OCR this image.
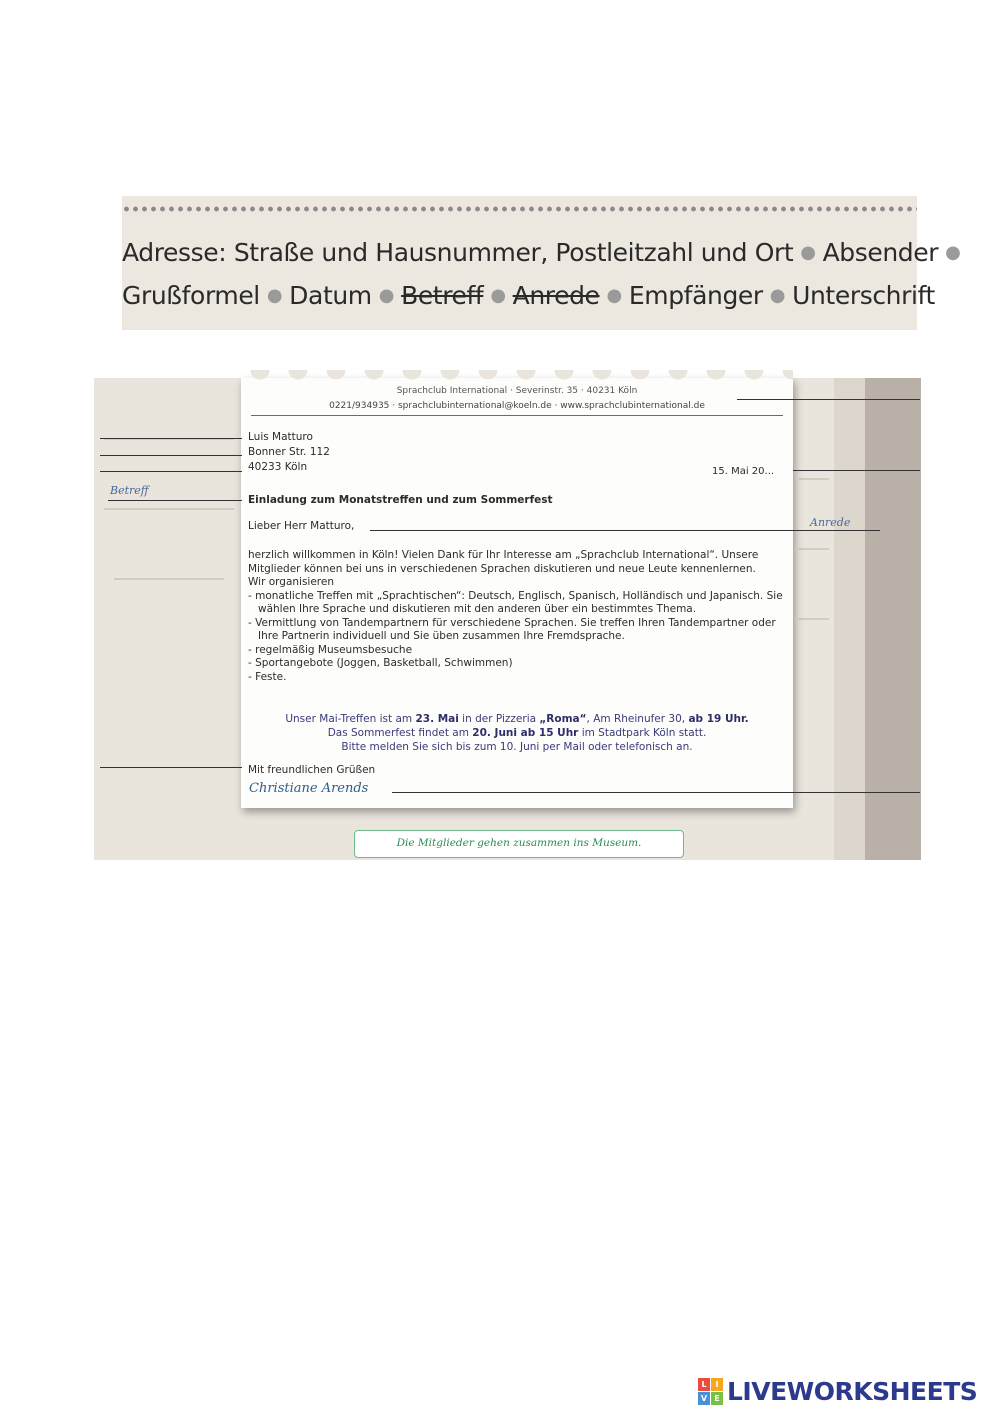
Adresse: Straße und Hausnummer, Postleitzahl und Ort ● Absender ●
Grußformel ● Datum ● Betreff ● Anrede ● Empfänger ● Unterschrift
Sprachclub International · Severinstr. 35 · 40231 Köln
0221/934935 · sprachclubinternational@koeln.de · www.sprachclubinternational.de
Luis Matturo
Bonner Str. 112
40233 Köln	15. Mai 20...
Einladung zum Monatstreffen und zum Sommerfest
Lieber Herr Matturo,

herzlich willkommen in Köln! Vielen Dank für Ihr Interesse am „Sprachclub International“. Unsere Mitglieder können bei uns in verschiedenen Sprachen diskutieren und neue Leute kennenlernen.

Wir organisieren

- monatliche Treffen mit „Sprachtischen“: Deutsch, Englisch, Spanisch, Holländisch und Japanisch. Sie wählen Ihre Sprache und diskutieren mit den anderen über ein bestimmtes Thema.
- Vermittlung von Tandempartnern für verschiedene Sprachen. Sie treffen Ihren Tandempartner oder Ihre Partnerin individuell und Sie üben zusammen Ihre Fremdsprache.
- regelmäßig Museumsbesuche
- Sportangebote (Joggen, Basketball, Schwimmen)
- Feste.
Unser Mai-Treffen ist am 23. Mai in der Pizzeria „Roma“, Am Rheinufer 30, ab 19 Uhr.
Das Sommerfest findet am 20. Juni ab 15 Uhr im Stadtpark Köln statt.
Bitte melden Sie sich bis zum 10. Juni per Mail oder telefonisch an.
Mit freundlichen Grüßen
Christiane Arends
Die Mitglieder gehen zusammen ins Museum.
Betreff
Anrede
L	I
V E LIVEWORKSHEETS
